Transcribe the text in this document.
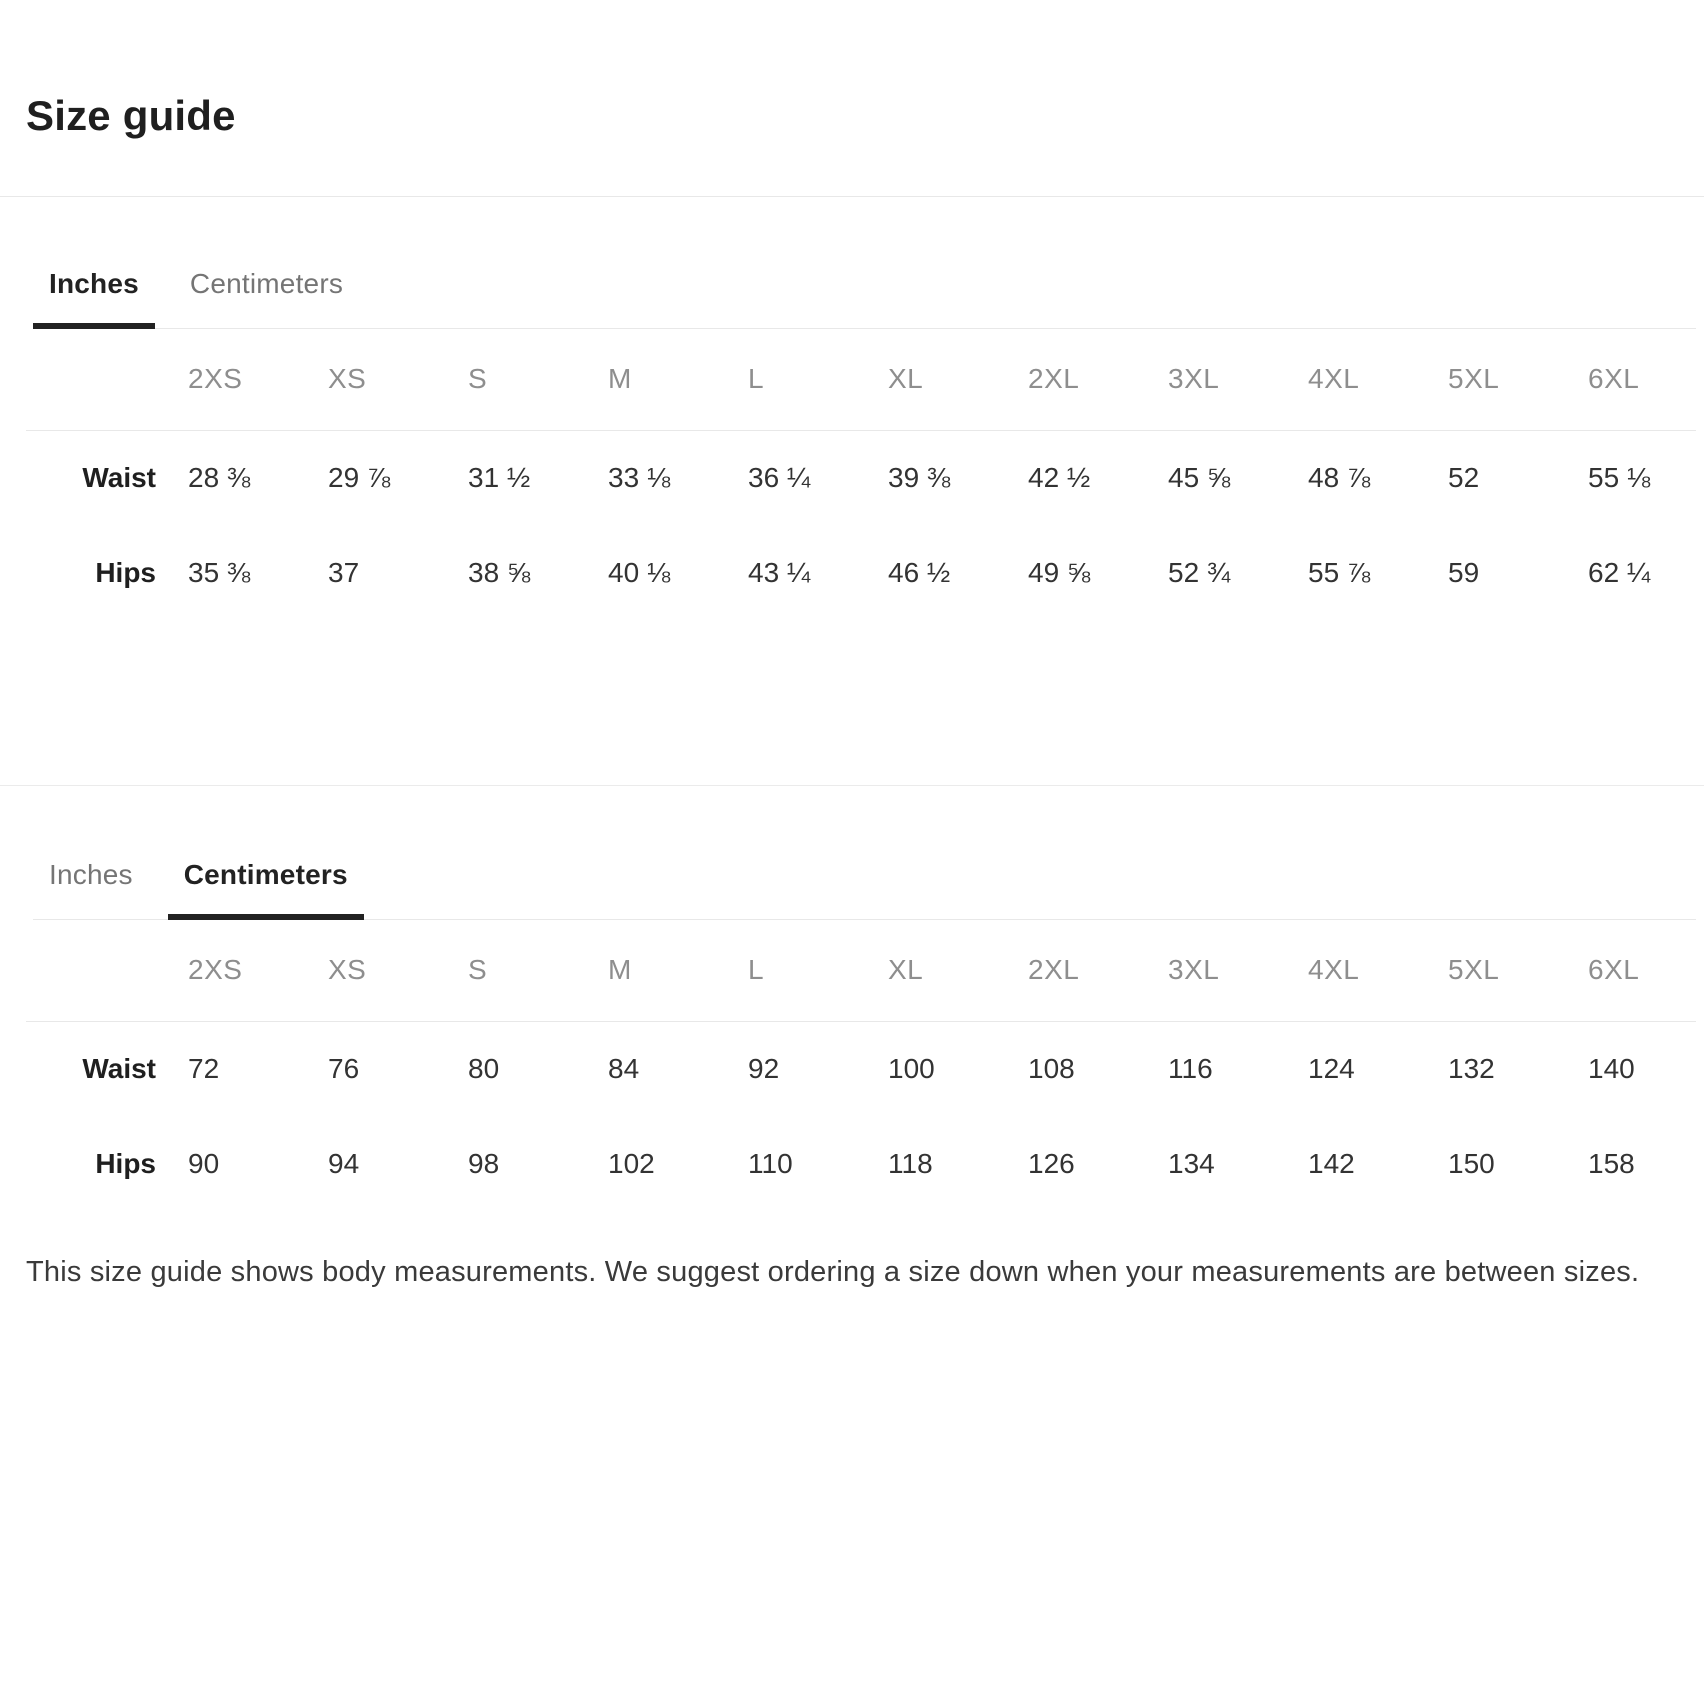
Size guide
Inches	Centimeters
	2XS	XS	S	M	L	XL	2XL	3XL	4XL	5XL	6XL
Waist	28 ⅜	29 ⅞	31 ½	33 ⅛	36 ¼	39 ⅜	42 ½	45 ⅝	48 ⅞	52	55 ⅛
Hips	35 ⅜	37	38 ⅝	40 ⅛	43 ¼	46 ½	49 ⅝	52 ¾	55 ⅞	59	62 ¼
Inches	Centimeters
	2XS	XS	S	M	L	XL	2XL	3XL	4XL	5XL	6XL
Waist	72	76	80	84	92	100	108	116	124	132	140
Hips	90	94	98	102	110	118	126	134	142	150	158

This size guide shows body measurements. We suggest ordering a size down when your measurements are between sizes.
